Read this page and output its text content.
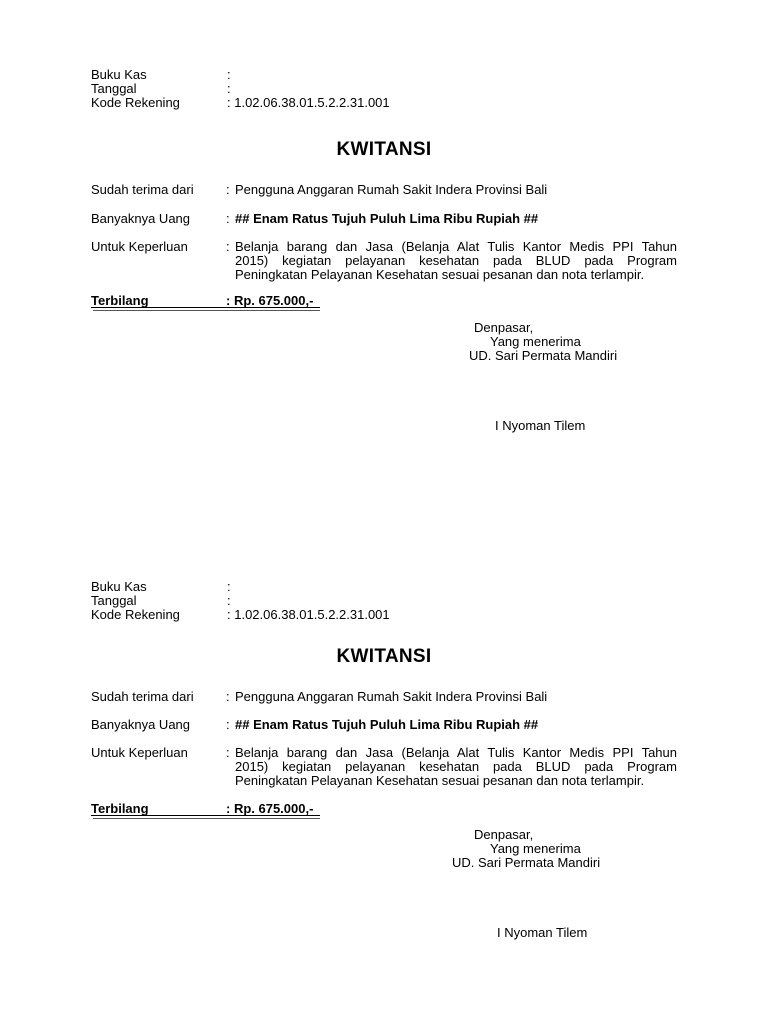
Buku Kas	:
Tanggal	:
Kode Rekening	: 1.02.06.38.01.5.2.2.31.001
KWITANSI
Sudah terima dari : Pengguna Anggaran Rumah Sakit Indera Provinsi Bali
Banyaknya Uang	: ## Enam Ratus Tujuh Puluh Lima Ribu Rupiah ##
Untuk Keperluan	: Belanja barang dan Jasa (Belanja Alat Tulis Kantor Medis PPI Tahun
2015) kegiatan pelayanan kesehatan pada BLUD pada Program
Peningkatan Pelayanan Kesehatan sesuai pesanan dan nota terlampir.
Terbilang	: Rp. 675.000,-
Denpasar,
Yang menerima
UD. Sari Permata Mandiri
I Nyoman Tilem
Buku Kas	:
Tanggal	:
Kode Rekening	: 1.02.06.38.01.5.2.2.31.001
KWITANSI
Sudah terima dari : Pengguna Anggaran Rumah Sakit Indera Provinsi Bali
Banyaknya Uang	: ## Enam Ratus Tujuh Puluh Lima Ribu Rupiah ##
Untuk Keperluan	: Belanja barang dan Jasa (Belanja Alat Tulis Kantor Medis PPI Tahun
2015) kegiatan pelayanan kesehatan pada BLUD pada Program
Peningkatan Pelayanan Kesehatan sesuai pesanan dan nota terlampir.
Terbilang	: Rp. 675.000,-
Denpasar,
Yang menerima
UD. Sari Permata Mandiri
I Nyoman Tilem
